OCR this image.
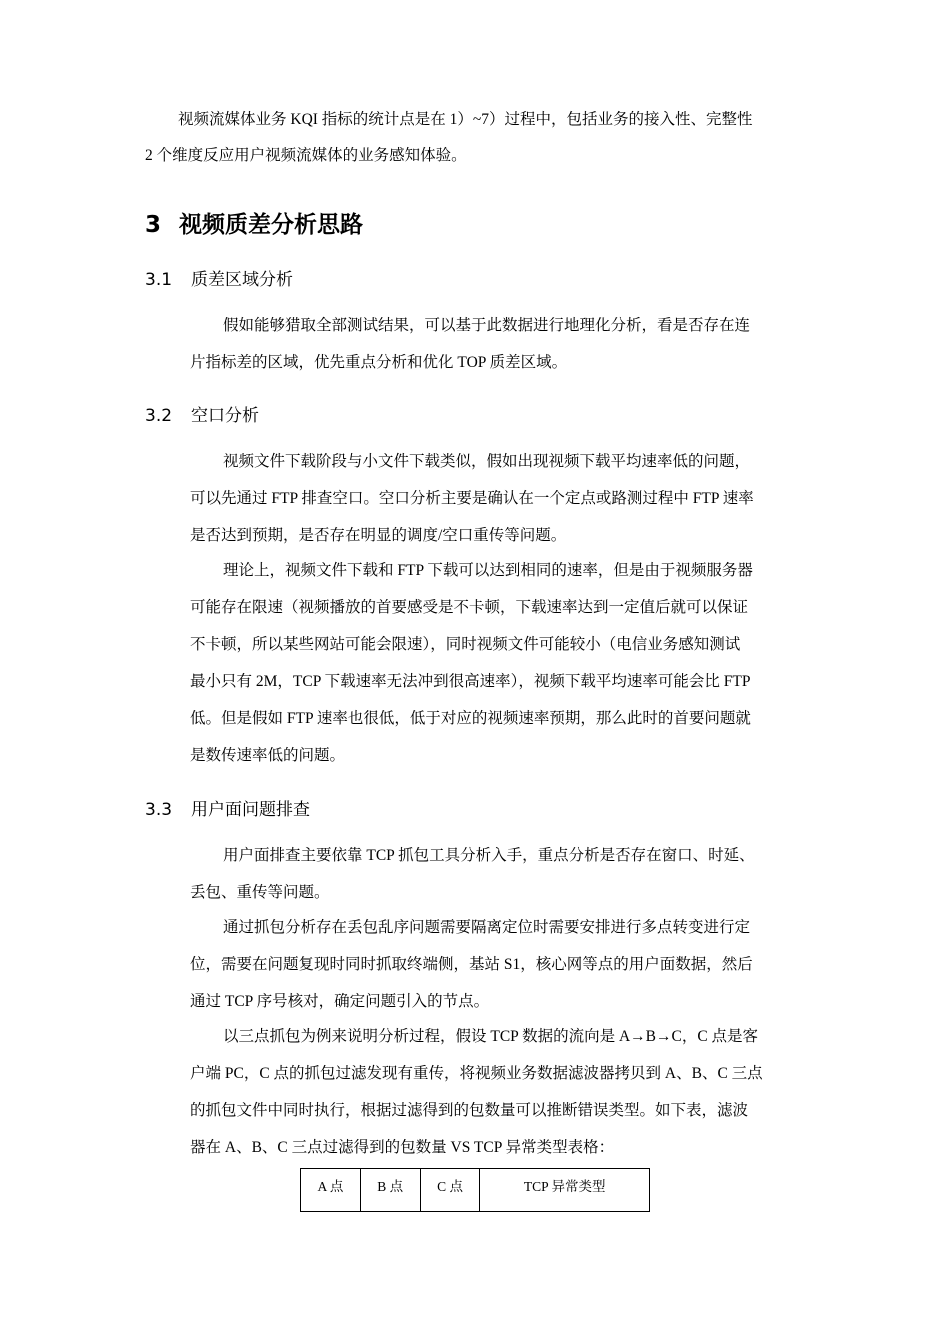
视频流媒体业务 KQI 指标的统计点是在 1）~7）过程中，包括业务的接入性、完整性
2 个维度反应用户视频流媒体的业务感知体验。
3 视频质差分析思路
3.1 质差区域分析
假如能够猎取全部测试结果，可以基于此数据进行地理化分析，看是否存在连
片指标差的区域，优先重点分析和优化 TOP 质差区域。
3.2 空口分析
视频文件下载阶段与小文件下载类似，假如出现视频下载平均速率低的问题，
可以先通过 FTP 排查空口。空口分析主要是确认在一个定点或路测过程中 FTP 速率
是否达到预期，是否存在明显的调度/空口重传等问题。
理论上，视频文件下载和 FTP 下载可以达到相同的速率，但是由于视频服务器
可能存在限速（视频播放的首要感受是不卡顿，下载速率达到一定值后就可以保证
不卡顿，所以某些网站可能会限速），同时视频文件可能较小（电信业务感知测试
最小只有 2M，TCP 下载速率无法冲到很高速率），视频下载平均速率可能会比 FTP
低。但是假如 FTP 速率也很低，低于对应的视频速率预期，那么此时的首要问题就
是数传速率低的问题。
3.3 用户面问题排查
用户面排查主要依靠 TCP 抓包工具分析入手，重点分析是否存在窗口、时延、
丢包、重传等问题。
通过抓包分析存在丢包乱序问题需要隔离定位时需要安排进行多点转变进行定
位，需要在问题复现时同时抓取终端侧，基站 S1，核心网等点的用户面数据，然后
通过 TCP 序号核对，确定问题引入的节点。
以三点抓包为例来说明分析过程，假设 TCP 数据的流向是 A→B→C，C 点是客
户端 PC，C 点的抓包过滤发现有重传，将视频业务数据滤波器拷贝到 A、B、C 三点
的抓包文件中同时执行，根据过滤得到的包数量可以推断错误类型。如下表，滤波
器在 A、B、C 三点过滤得到的包数量 VS TCP 异常类型表格：
A 点	B 点	C 点	TCP 异常类型
